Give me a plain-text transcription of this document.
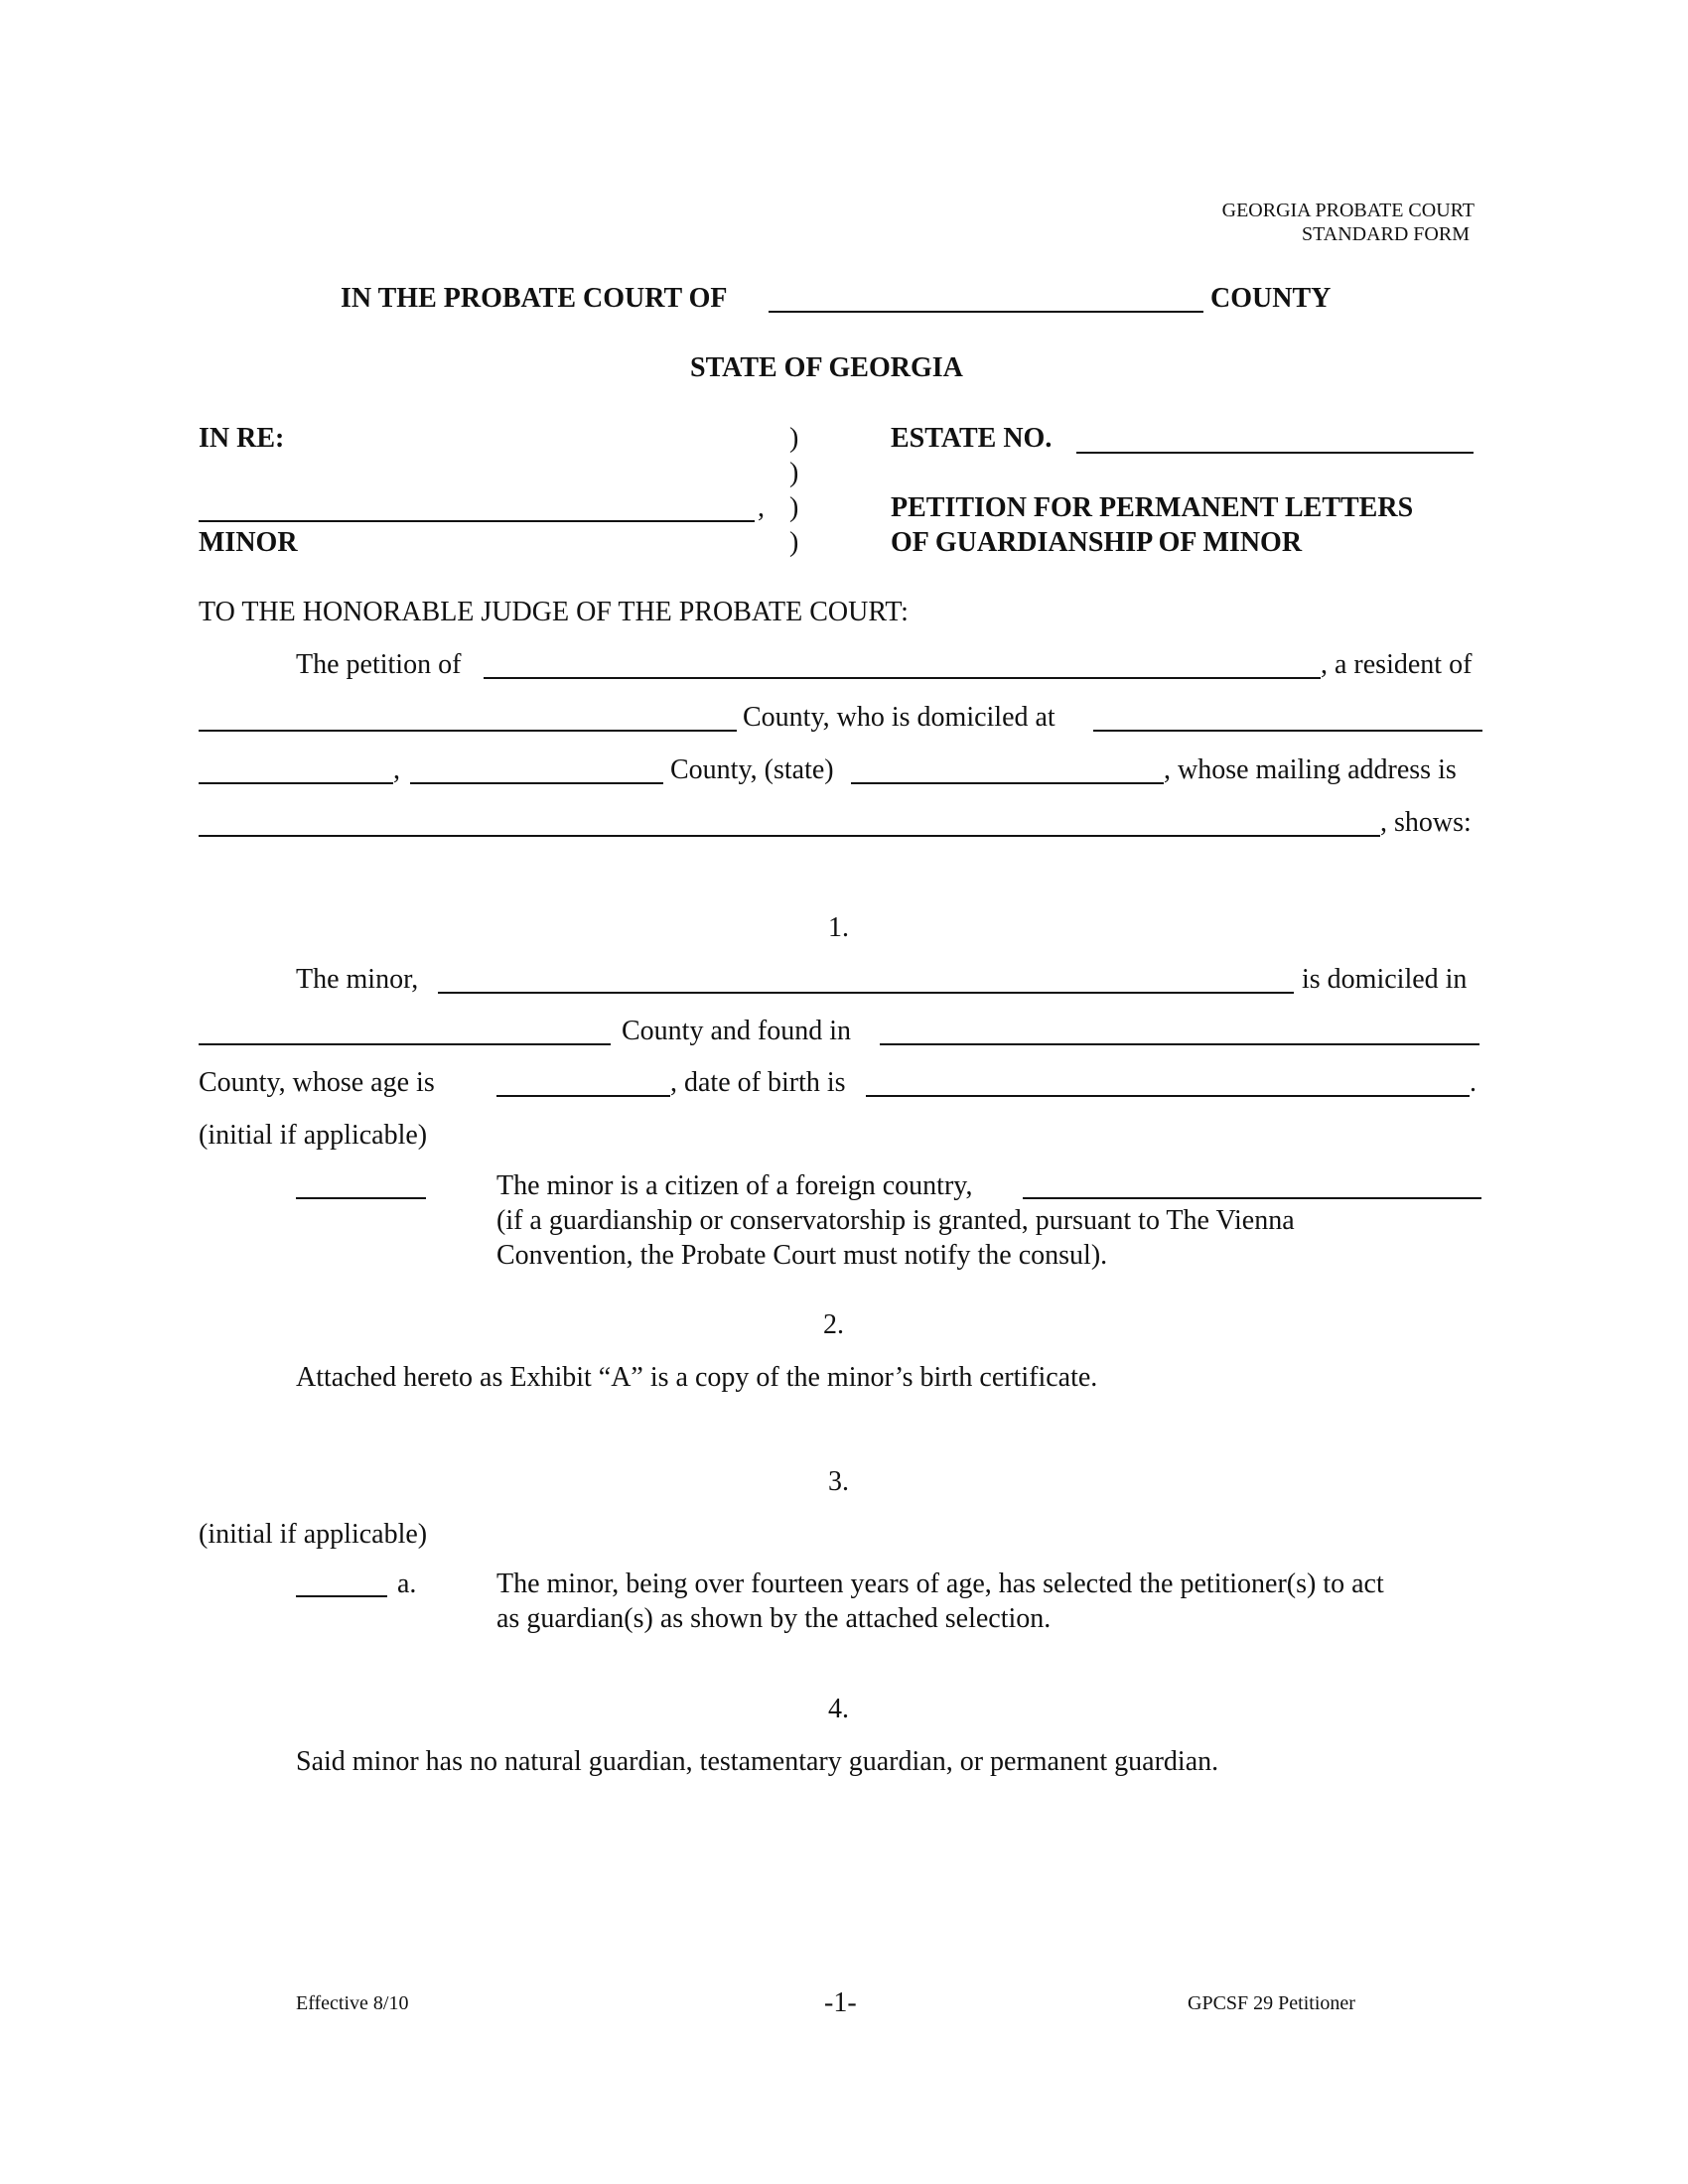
GEORGIA PROBATE COURT
STANDARD FORM
IN THE PROBATE COURT OF	COUNTY
STATE OF GEORGIA
IN RE:	)	ESTATE NO.
)
, )	PETITION FOR PERMANENT LETTERS
MINOR	)	OF GUARDIANSHIP OF MINOR
TO THE HONORABLE JUDGE OF THE PROBATE COURT:
The petition of	, a resident of
County, who is domiciled at
,	County, (state)	, whose mailing address is
, shows:
1.
The minor,	is domiciled in
County and found in
County, whose age is	, date of birth is	.
(initial if applicable)
The minor is a citizen of a foreign country,
(if a guardianship or conservatorship is granted, pursuant to The Vienna
Convention, the Probate Court must notify the consul).
2.
Attached hereto as Exhibit “A” is a copy of the minor’s birth certificate.
3.
(initial if applicable)
a.	The minor, being over fourteen years of age, has selected the petitioner(s) to act
as guardian(s) as shown by the attached selection.
4.
Said minor has no natural guardian, testamentary guardian, or permanent guardian.
Effective 8/10	-1-	GPCSF 29 Petitioner
